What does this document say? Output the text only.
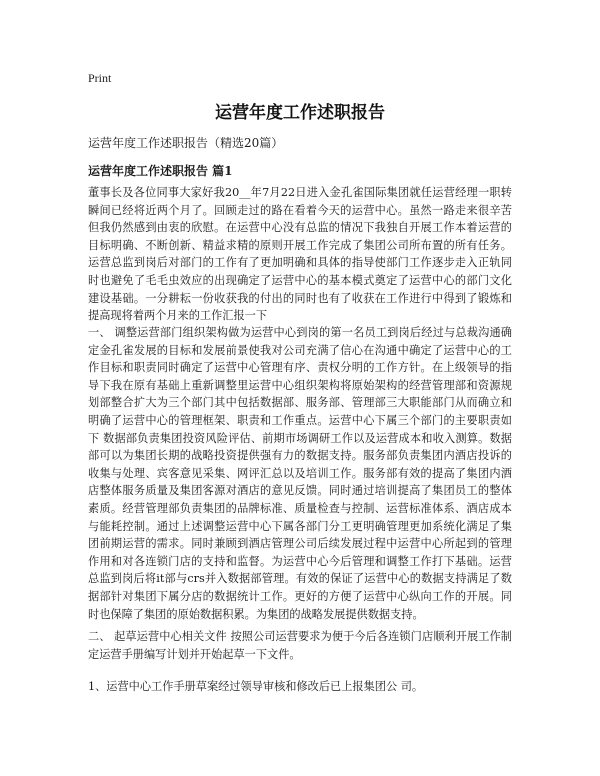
Print
运营年度工作述职报告
运营年度工作述职报告（精选20篇）
运营年度工作述职报告 篇1

董事长及各位同事大家好我20__年7月22日进入金孔雀国际集团就任运营经理一职转瞬间已经将近两个月了。回顾走过的路在看着今天的运营中心。虽然一路走来很辛苦但我仍然感到由衷的欣慰。在运营中心没有总监的情况下我独自开展工作本着运营的目标明确、不断创新、精益求精的原则开展工作完成了集团公司所布置的所有任务。运营总监到岗后对部门的工作有了更加明确和具体的指导使部门工作逐步走入正轨同时也避免了毛毛虫效应的出现确定了运营中心的基本模式奠定了运营中心的部门文化建设基础。一分耕耘一份收获我的付出的同时也有了收获在工作进行中得到了锻炼和提高现将着两个月来的工作汇报一下

一、 调整运营部门组织架构做为运营中心到岗的第一名员工到岗后经过与总裁沟通确定金孔雀发展的目标和发展前景使我对公司充满了信心在沟通中确定了运营中心的工作目标和职责同时确定了运营中心管理有序、责权分明的工作方针。在上级领导的指导下我在原有基础上重新调整里运营中心组织架构将原始架构的经营管理部和资源规划部整合扩大为三个部门其中包括数据部、服务部、管理部三大职能部门从而确立和明确了运营中心的管理框架、职责和工作重点。运营中心下属三个部门的主要职责如下 数据部负责集团投资风险评估、前期市场调研工作以及运营成本和收入测算。数据部可以为集团长期的战略投资提供强有力的数据支持。服务部负责集团内酒店投诉的收集与处理、宾客意见采集、网评汇总以及培训工作。服务部有效的提高了集团内酒店整体服务质量及集团客源对酒店的意见反馈。同时通过培训提高了集团员工的整体素质。经营管理部负责集团的品牌标准、质量检查与控制、运营标准体系、酒店成本与能耗控制。通过上述调整运营中心下属各部门分工更明确管理更加系统化满足了集团前期运营的需求。同时兼顾到酒店管理公司后续发展过程中运营中心所起到的管理作用和对各连锁门店的支持和监督。为运营中心今后管理和调整工作打下基础。运营总监到岗后将it部与crs并入数据部管理。有效的保证了运营中心的数据支持满足了数据部针对集团下属分店的数据统计工作。更好的方便了运营中心纵向工作的开展。同时也保障了集团的原始数据积累。为集团的战略发展提供数据支持。

二、 起草运营中心相关文件 按照公司运营要求为便于今后各连锁门店顺利开展工作制定运营手册编写计划并开始起草一下文件。

1、运营中心工作手册草案经过领导审核和修改后已上报集团公 司。
